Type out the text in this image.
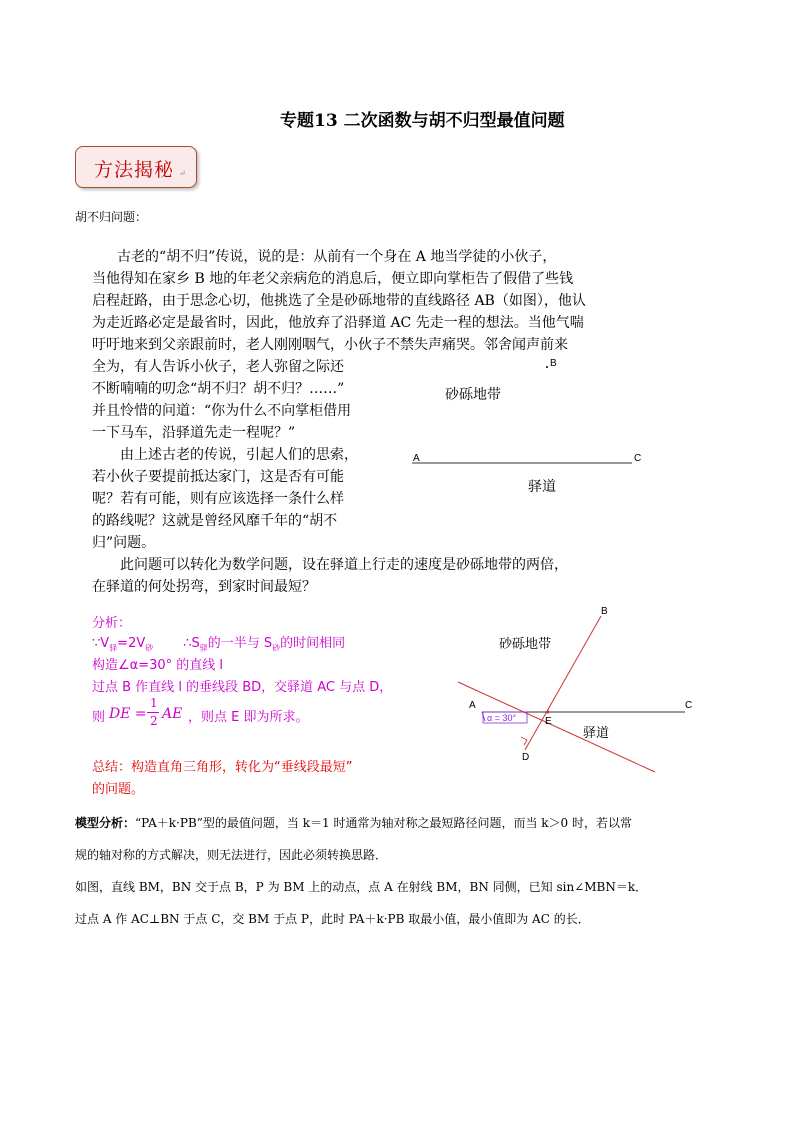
专题13 二次函数与胡不归型最值问题
方法揭秘 ↵
胡不归问题：
古老的“胡不归”传说，说的是：从前有一个身在 A 地当学徒的小伙子，
当他得知在家乡 B 地的年老父亲病危的消息后，便立即向掌柜告了假借了些钱
启程赶路，由于思念心切，他挑选了全是砂砾地带的直线路径 AB（如图），他认
为走近路必定是最省时，因此，他放弃了沿驿道 AC 先走一程的想法。当他气喘
吁吁地来到父亲跟前时，老人刚刚咽气，小伙子不禁失声痛哭。邻舍闻声前来
全为，有人告诉小伙子，老人弥留之际还
不断喃喃的叨念“胡不归？胡不归？……”
并且怜惜的问道：“你为什么不向掌柜借用
一下马车，沿驿道先走一程呢？”
由上述古老的传说，引起人们的思索，
若小伙子要提前抵达家门，这是否有可能
呢？若有可能，则有应该选择一条什么样
的路线呢？这就是曾经风靡千年的“胡不
归”问题。
此问题可以转化为数学问题，设在驿道上行走的速度是砂砾地带的两倍，
在驿道的何处拐弯，到家时间最短？
B
砂砾地带
A	C
驿道
分析：
$\because V_驿=2V_砂$ $\therefore S_驿$的一半与 $S_砂$的时间相同
构造∠α=30° 的直线 l
过点 B 作直线 l 的垂线段 BD，交驿道 AC 与点 D，
则 DE =
1
2 AE ，则点 E 即为所求。
总结：构造直角三角形，转化为“垂线段最短”
的问题。
α = 30°
B
A	C
E
D
砂砾地带
驿道
模型分析：“PA＋k·PB”型的最值问题，当 k＝1 时通常为轴对称之最短路径问题，而当 k＞0 时，若以常
规的轴对称的方式解决，则无法进行，因此必须转换思路．
如图，直线 BM，BN 交于点 B，P 为 BM 上的动点，点 A 在射线 BM，BN 同侧，已知 sin∠MBN＝k．
过点 A 作 AC⊥BN 于点 C，交 BM 于点 P，此时 PA＋k·PB 取最小值，最小值即为 AC 的长．
